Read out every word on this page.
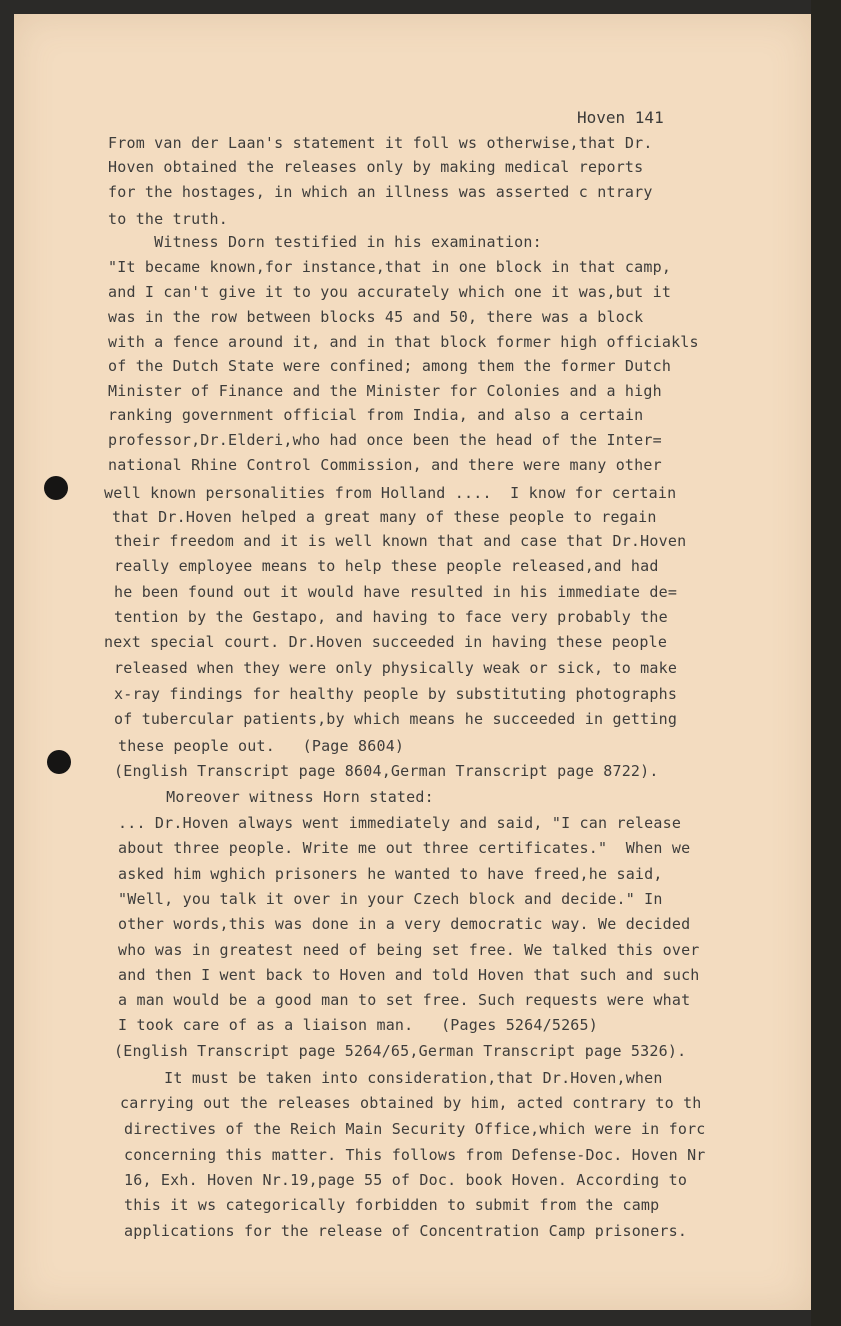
Hoven 141
From van der Laan's statement it foll ws otherwise,that Dr.
Hoven obtained the releases only by making medical reports
for the hostages, in which an illness was asserted c ntrary
to the truth.
Witness Dorn testified in his examination:
"It became known,for instance,that in one block in that camp,
and I can't give it to you accurately which one it was,but it
was in the row between blocks 45 and 50, there was a block
with a fence around it, and in that block former high officiakls
of the Dutch State were confined; among them the former Dutch
Minister of Finance and the Minister for Colonies and a high
ranking government official from India, and also a certain
professor,Dr.Elderi,who had once been the head of the Inter=
national Rhine Control Commission, and there were many other
well known personalities from Holland ....  I know for certain
that Dr.Hoven helped a great many of these people to regain
their freedom and it is well known that and case that Dr.Hoven
really employee means to help these people released,and had
he been found out it would have resulted in his immediate de=
tention by the Gestapo, and having to face very probably the
next special court. Dr.Hoven succeeded in having these people
released when they were only physically weak or sick, to make
x-ray findings for healthy people by substituting photographs
of tubercular patients,by which means he succeeded in getting
these people out.   (Page 8604)
(English Transcript page 8604,German Transcript page 8722).
Moreover witness Horn stated:
... Dr.Hoven always went immediately and said, "I can release
about three people. Write me out three certificates."  When we
asked him wghich prisoners he wanted to have freed,he said,
"Well, you talk it over in your Czech block and decide." In
other words,this was done in a very democratic way. We decided
who was in greatest need of being set free. We talked this over
and then I went back to Hoven and told Hoven that such and such
a man would be a good man to set free. Such requests were what
I took care of as a liaison man.   (Pages 5264/5265)
(English Transcript page 5264/65,German Transcript page 5326).
It must be taken into consideration,that Dr.Hoven,when
carrying out the releases obtained by him, acted contrary to th
directives of the Reich Main Security Office,which were in forc
concerning this matter. This follows from Defense-Doc. Hoven Nr
16, Exh. Hoven Nr.19,page 55 of Doc. book Hoven. According to
this it ws categorically forbidden to submit from the camp
applications for the release of Concentration Camp prisoners.
